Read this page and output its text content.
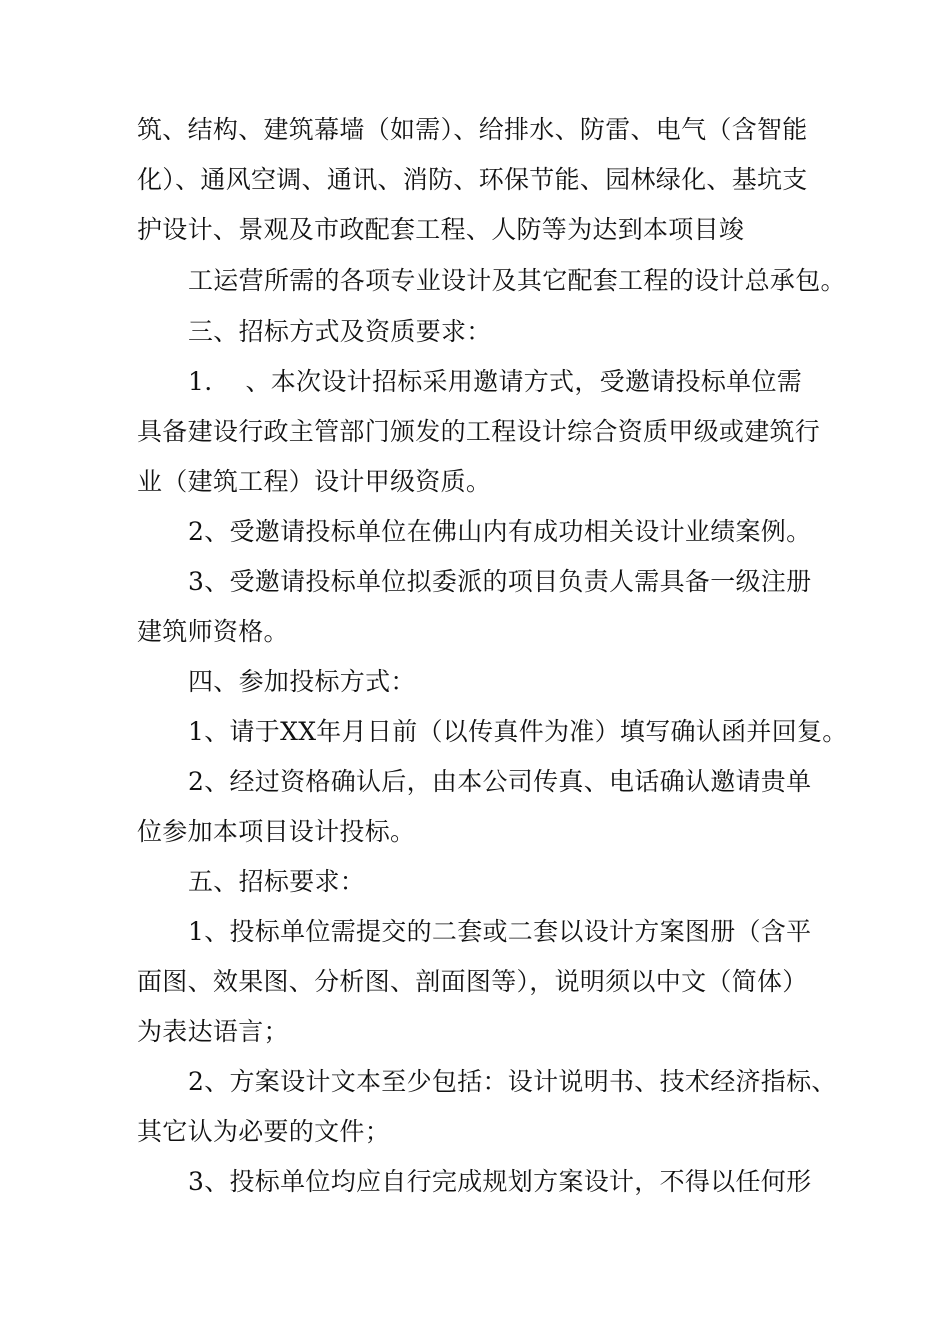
筑、结构、建筑幕墙（如需）、给排水、防雷、电气（含智能
化）、通风空调、通讯、消防、环保节能、园林绿化、基坑支
护设计、景观及市政配套工程、人防等为达到本项目竣
工运营所需的各项专业设计及其它配套工程的设计总承包。
三、招标方式及资质要求：
1.    、本次设计招标采用邀请方式，受邀请投标单位需
具备建设行政主管部门颁发的工程设计综合资质甲级或建筑行
业（建筑工程）设计甲级资质。
2、受邀请投标单位在佛山内有成功相关设计业绩案例。
3、受邀请投标单位拟委派的项目负责人需具备一级注册
建筑师资格。
四、参加投标方式：
1、请于XX年月日前（以传真件为准）填写确认函并回复。
2、经过资格确认后，由本公司传真、电话确认邀请贵单
位参加本项目设计投标。
五、招标要求：
1、投标单位需提交的二套或二套以设计方案图册（含平
面图、效果图、分析图、剖面图等），说明须以中文（简体）
为表达语言；
2、方案设计文本至少包括：设计说明书、技术经济指标、
其它认为必要的文件；
3、投标单位均应自行完成规划方案设计，不得以任何形
